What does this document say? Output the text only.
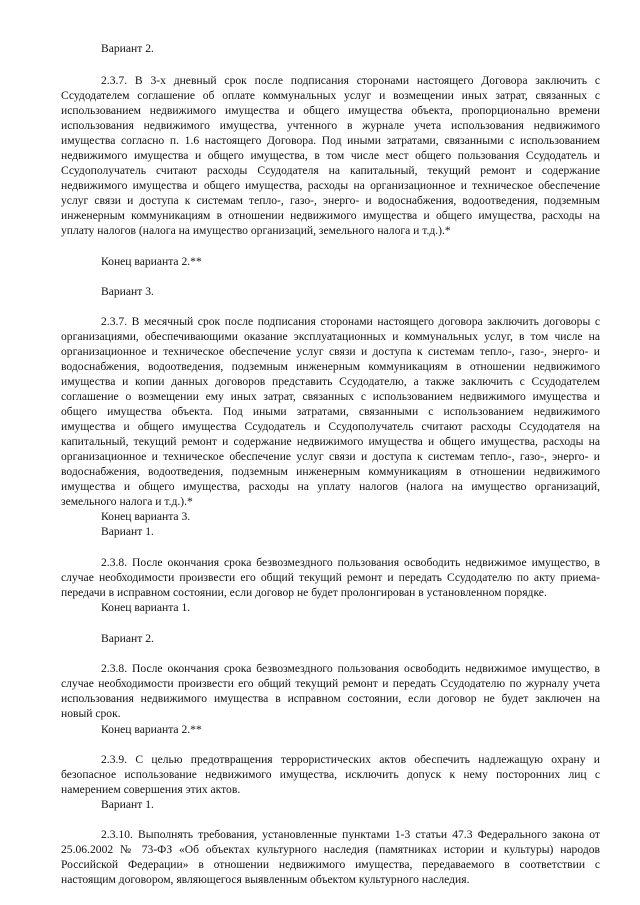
Вариант 2.
2.3.7. В 3-х дневный срок после подписания сторонами настоящего Договора заключить с
Ссудодателем соглашение об оплате коммунальных услуг и возмещении иных затрат, связанных с
использованием недвижимого имущества и общего имущества объекта, пропорционально времени
использования недвижимого имущества, учтенного в журнале учета использования недвижимого
имущества согласно п. 1.6 настоящего Договора. Под иными затратами, связанными с использованием
недвижимого имущества и общего имущества, в том числе мест общего пользования Ссудодатель и
Ссудополучатель считают расходы Ссудодателя на капитальный, текущий ремонт и содержание
недвижимого имущества и общего имущества, расходы на организационное и техническое обеспечение
услуг связи и доступа к системам тепло-, газо-, энерго- и водоснабжения, водоотведения, подземным
инженерным коммуникациям в отношении недвижимого имущества и общего имущества, расходы на
уплату налогов (налога на имущество организаций, земельного налога и т.д.).*
Конец варианта 2.**
Вариант 3.
2.3.7. В месячный срок после подписания сторонами настоящего договора заключить договоры с
организациями, обеспечивающими оказание эксплуатационных и коммунальных услуг, в том числе на
организационное и техническое обеспечение услуг связи и доступа к системам тепло-, газо-, энерго- и
водоснабжения, водоотведения, подземным инженерным коммуникациям в отношении недвижимого
имущества и копии данных договоров представить Ссудодателю, а также заключить с Ссудодателем
соглашение о возмещении ему иных затрат, связанных с использованием недвижимого имущества и
общего имущества объекта. Под иными затратами, связанными с использованием недвижимого
имущества и общего имущества Ссудодатель и Ссудополучатель считают расходы Ссудодателя на
капитальный, текущий ремонт и содержание недвижимого имущества и общего имущества, расходы на
организационное и техническое обеспечение услуг связи и доступа к системам тепло-, газо-, энерго- и
водоснабжения, водоотведения, подземным инженерным коммуникациям в отношении недвижимого
имущества и общего имущества, расходы на уплату налогов (налога на имущество организаций,
земельного налога и т.д.).*
Конец варианта 3.
Вариант 1.
2.3.8. После окончания срока безвозмездного пользования освободить недвижимое имущество, в
случае необходимости произвести его общий текущий ремонт и передать Ссудодателю по акту приема-
передачи в исправном состоянии, если договор не будет пролонгирован в установленном порядке.
Конец варианта 1.
Вариант 2.
2.3.8. После окончания срока безвозмездного пользования освободить недвижимое имущество, в
случае необходимости произвести его общий текущий ремонт и передать Ссудодателю по журналу учета
использования недвижимого имущества в исправном состоянии, если договор не будет заключен на
новый срок.
Конец варианта 2.**
2.3.9. С целью предотвращения террористических актов обеспечить надлежащую охрану и
безопасное использование недвижимого имущества, исключить допуск к нему посторонних лиц с
намерением совершения этих актов.
Вариант 1.
2.3.10. Выполнять требования, установленные пунктами 1-3 статьи 47.3 Федерального закона от
25.06.2002 № 73-ФЗ «Об объектах культурного наследия (памятниках истории и культуры) народов
Российской Федерации» в отношении недвижимого имущества, передаваемого в соответствии с
настоящим договором, являющегося выявленным объектом культурного наследия.
